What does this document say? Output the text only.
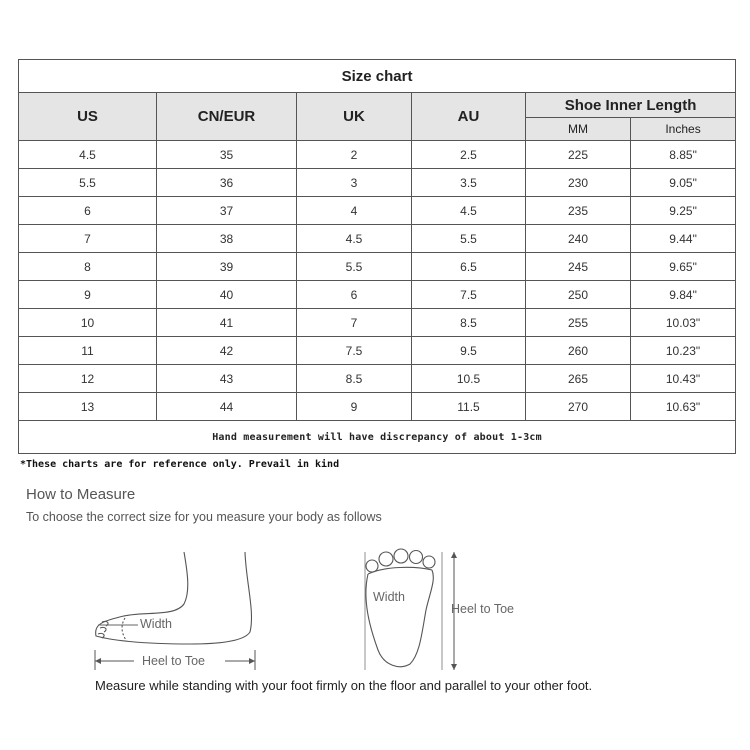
Size chart					
US	CN/EUR	UK	AU	Shoe Inner Length	
				MM	Inches
4.5	35	2	2.5	225	8.85"
5.5	36	3	3.5	230	9.05"
6	37	4	4.5	235	9.25"
7	38	4.5	5.5	240	9.44"
8	39	5.5	6.5	245	9.65"
9	40	6	7.5	250	9.84"
10	41	7	8.5	255	10.03"
11	42	7.5	9.5	260	10.23"
12	43	8.5	10.5	265	10.43"
13	44	9	11.5	270	10.63"
Hand measurement will have discrepancy of about 1-3cm					
*These charts are for reference only. Prevail in kind
How to Measure
To choose the correct size for you measure your body as follows
Width
Heel to Toe
Width
Heel to Toe
Measure while standing with your foot firmly on the floor and parallel to your other foot.
